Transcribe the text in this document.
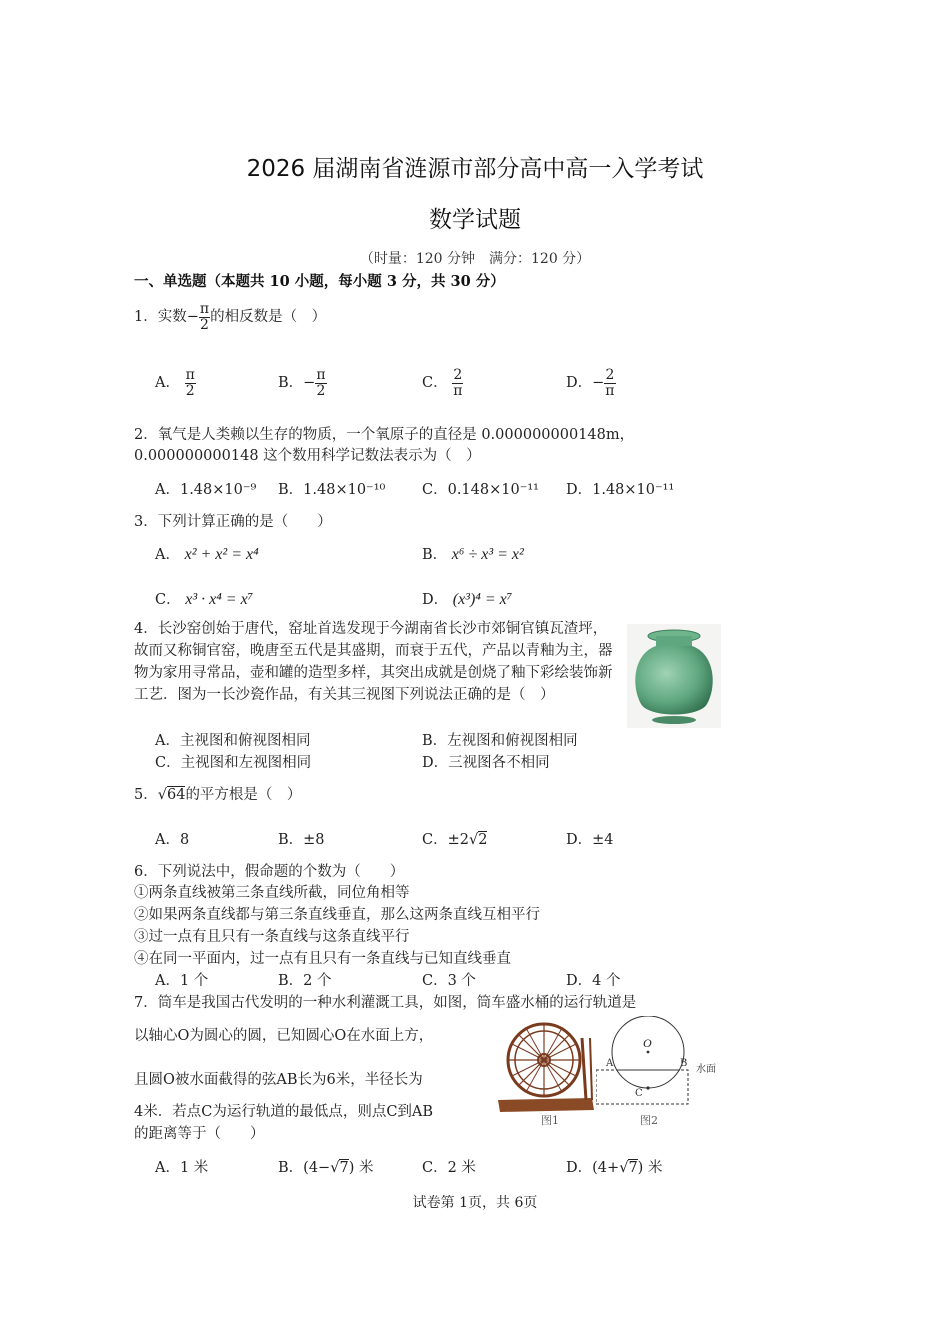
2026 届湖南省涟源市部分高中高一入学考试
数学试题
（时量：120 分钟　满分：120 分）
一、单选题（本题共 10 小题，每小题 3 分，共 30 分）
1．实数− $\frac{\pi}{2}$ 的相反数是（　）
A． $\frac{\pi}{2}$	B．− $\frac{\pi}{2}$	C． $\frac{2}{\pi}$	D．− $\frac{2}{\pi}$
2．氧气是人类赖以生存的物质，一个氧原子的直径是 0.000000000148m，
0.000000000148 这个数用科学记数法表示为（　）
A．1.48×10⁻⁹ B．1.48×10⁻¹⁰	C．0.148×10⁻¹¹ D．1.48×10⁻¹¹
3．下列计算正确的是（　　）
A． x² + x² = x⁴	B． x⁶ ÷ x³ = x²
C． x³ · x⁴ = x⁷	D． (x³)⁴ = x⁷
4．长沙窑创始于唐代，窑址首选发现于今湖南省长沙市郊铜官镇瓦渣坪，故而又称铜官窑，晚唐至五代是其盛期，而衰于五代，产品以青釉为主，器物为家用寻常品，壶和罐的造型多样，其突出成就是创烧了釉下彩绘装饰新工艺．图为一长沙瓷作品，有关其三视图下列说法正确的是（　）
A．主视图和俯视图相同	B．左视图和俯视图相同
C．主视图和左视图相同	D．三视图各不相同
5．√64的平方根是（　）
A．8	B．±8	C．±2√2	D．±4
6．下列说法中，假命题的个数为（　　）
①两条直线被第三条直线所截，同位角相等
②如果两条直线都与第三条直线垂直，那么这两条直线互相平行
③过一点有且只有一条直线与这条直线平行
④在同一平面内，过一点有且只有一条直线与已知直线垂直
A．1 个	B．2 个	C．3 个	D．4 个
7．筒车是我国古代发明的一种水利灌溉工具，如图，筒车盛水桶的运行轨道是
以轴心O为圆心的圆，已知圆心O在水面上方，
且圆O被水面截得的弦AB长为6米，半径长为
4米．若点C为运行轨道的最低点，则点C到AB
的距离等于（　　）
图1
O
A	B
水面
C
图2
A．1 米	B．(4−√7) 米	C．2 米	D．(4+√7) 米
试卷第 1页，共 6页
